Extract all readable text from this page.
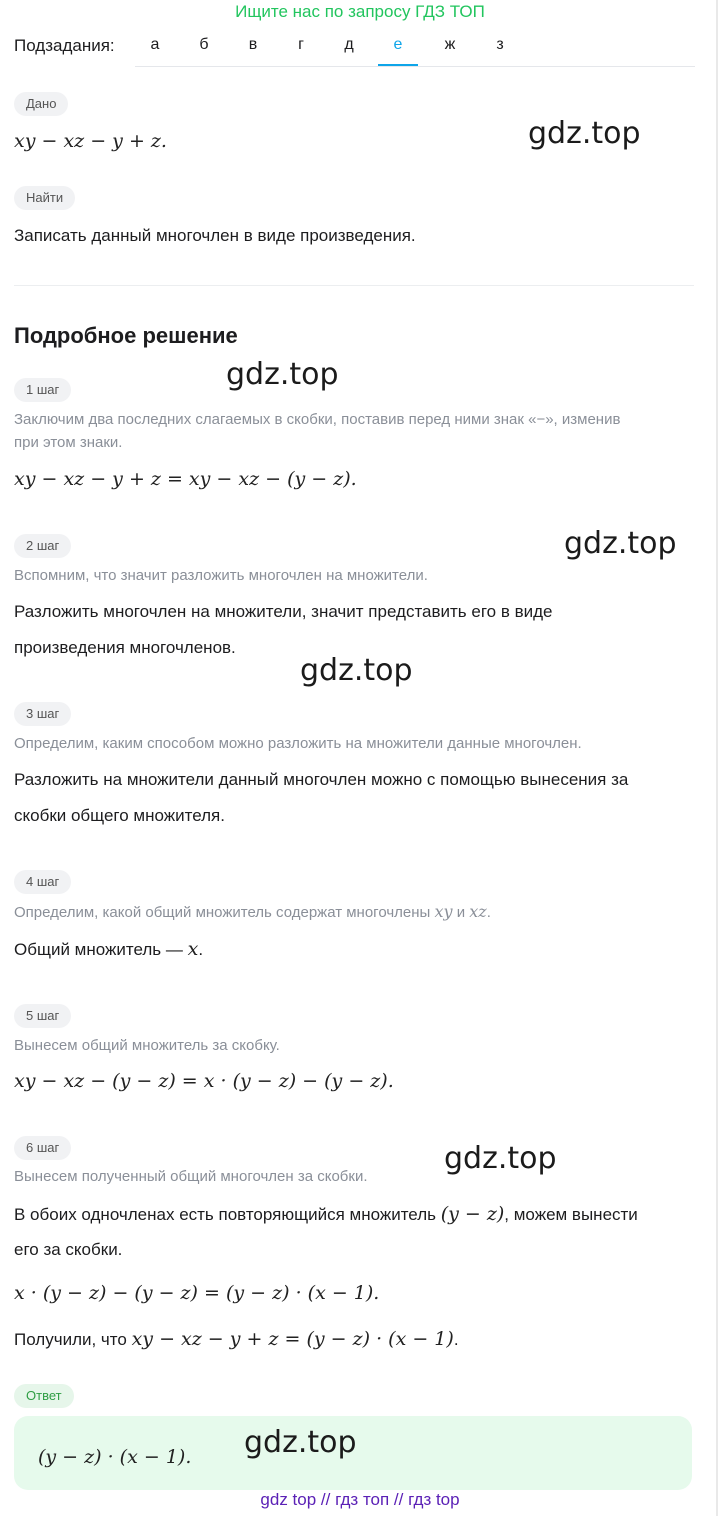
Ищите нас по запросу ГДЗ ТОП
Подзадания:	а	б	в	г	д	е	ж	з
Дано
xy − xz − y + z.
Найти
Записать данный многочлен в виде произведения.
Подробное решение
1 шаг
Заключим два последних слагаемых в скобки, поставив перед ними знак «−», изменив
при этом знаки.
xy − xz − y + z = xy − xz − (y − z).
2 шаг
Вспомним, что значит разложить многочлен на множители.
Разложить многочлен на множители, значит представить его в виде
произведения многочленов.
3 шаг
Определим, каким способом можно разложить на множители данные многочлен.
Разложить на множители данный многочлен можно с помощью вынесения за
скобки общего множителя.
4 шаг
Определим, какой общий множитель содержат многочлены xy и xz.
Общий множитель — x.
5 шаг
Вынесем общий множитель за скобку.
xy − xz − (y − z) = x · (y − z) − (y − z).
6 шаг
Вынесем полученный общий многочлен за скобки.
В обоих одночленах есть повторяющийся множитель (y − z), можем вынести
его за скобки.
x · (y − z) − (y − z) = (y − z) · (x − 1).
Получили, что xy − xz − y + z = (y − z) · (x − 1).
Ответ
(y − z) · (x − 1).
gdz.top
gdz.top
gdz.top
gdz.top
gdz.top
gdz.top
gdz top // гдз топ // гдз top
